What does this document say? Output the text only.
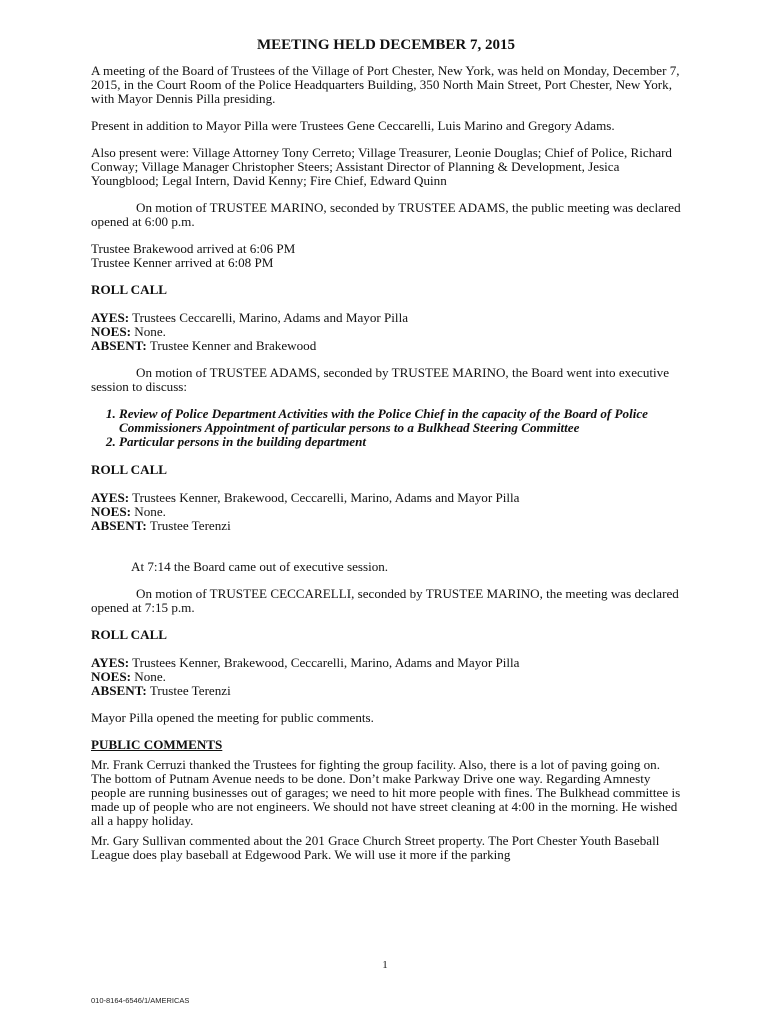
MEETING HELD DECEMBER 7, 2015

A meeting of the Board of Trustees of the Village of Port Chester, New York, was held on Monday, December 7, 2015, in the Court Room of the Police Headquarters Building, 350 North Main Street, Port Chester, New York, with Mayor Dennis Pilla presiding.

Present in addition to Mayor Pilla were Trustees Gene Ceccarelli, Luis Marino and Gregory Adams.

Also present were: Village Attorney Tony Cerreto; Village Treasurer, Leonie Douglas; Chief of Police, Richard Conway; Village Manager Christopher Steers; Assistant Director of Planning & Development, Jesica Youngblood; Legal Intern, David Kenny; Fire Chief, Edward Quinn

On motion of TRUSTEE MARINO, seconded by TRUSTEE ADAMS, the public meeting was declared opened at 6:00 p.m.

Trustee Brakewood arrived at 6:06 PM
Trustee Kenner arrived at 6:08 PM

ROLL CALL
AYES: Trustees Ceccarelli, Marino, Adams and Mayor Pilla
NOES: None.
ABSENT: Trustee Kenner and Brakewood

On motion of TRUSTEE ADAMS, seconded by TRUSTEE MARINO, the Board went into executive session to discuss:

1. Review of Police Department Activities with the Police Chief in the capacity of the Board of Police Commissioners Appointment of particular persons to a Bulkhead Steering Committee
2. Particular persons in the building department
ROLL CALL
AYES: Trustees Kenner, Brakewood, Ceccarelli, Marino, Adams and Mayor Pilla
NOES: None.
ABSENT: Trustee Terenzi

At 7:14 the Board came out of executive session.

On motion of TRUSTEE CECCARELLI, seconded by TRUSTEE MARINO, the meeting was declared opened at 7:15 p.m.

ROLL CALL
AYES: Trustees Kenner, Brakewood, Ceccarelli, Marino, Adams and Mayor Pilla
NOES: None.
ABSENT: Trustee Terenzi

Mayor Pilla opened the meeting for public comments.

PUBLIC COMMENTS

Mr. Frank Cerruzi thanked the Trustees for fighting the group facility. Also, there is a lot of paving going on. The bottom of Putnam Avenue needs to be done. Don’t make Parkway Drive one way. Regarding Amnesty people are running businesses out of garages; we need to hit more people with fines. The Bulkhead committee is made up of people who are not engineers. We should not have street cleaning at 4:00 in the morning. He wished all a happy holiday.

Mr. Gary Sullivan commented about the 201 Grace Church Street property. The Port Chester Youth Baseball League does play baseball at Edgewood Park. We will use it more if the parking

1
010-8164-6546/1/AMERICAS
